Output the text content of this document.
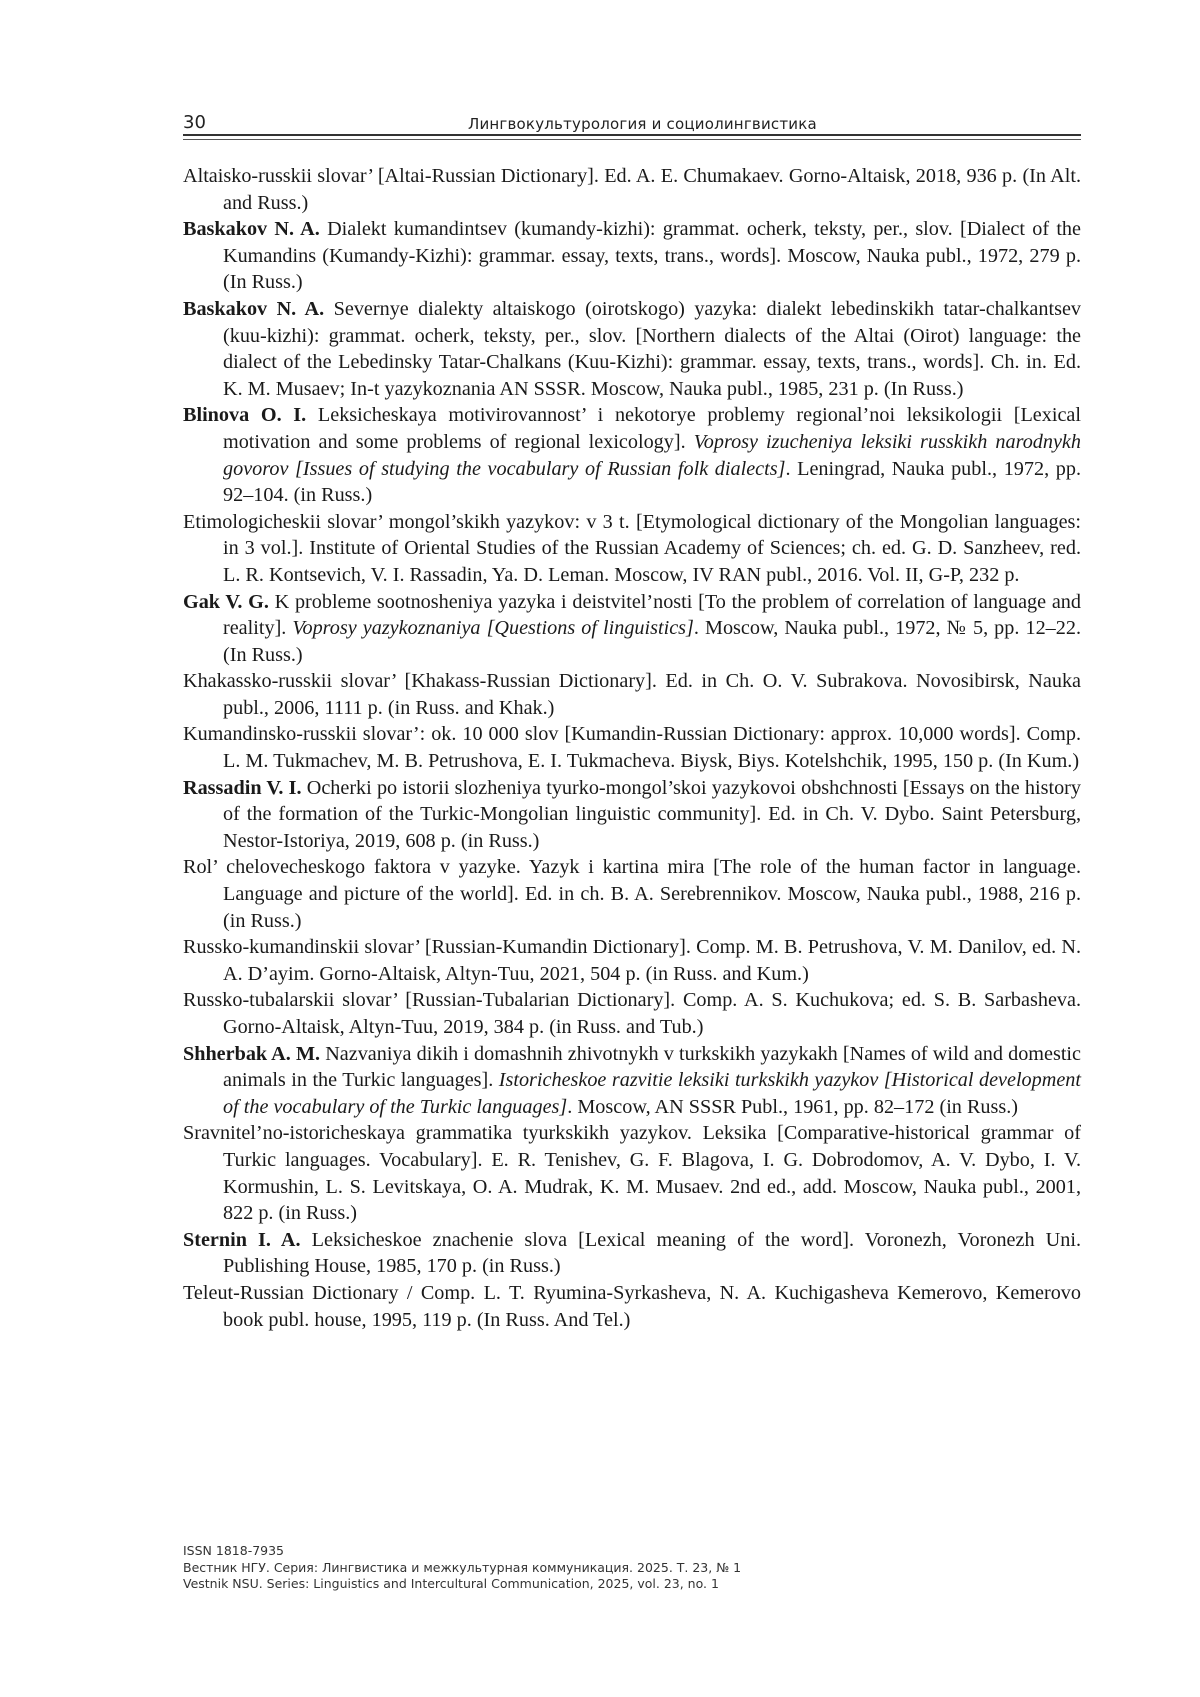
30	Лингвокультурология и социолингвистика

Altaisko-russkii slovar’ [Altai-Russian Dictionary]. Ed. A. E. Chumakaev. Gorno-Altaisk, 2018, 936 p. (In Alt. and Russ.)

Baskakov N. A. Dialekt kumandintsev (kumandy-kizhi): grammat. ocherk, teksty, per., slov. [Dialect of the Kumandins (Kumandy-Kizhi): grammar. essay, texts, trans., words]. Moscow, Nauka publ., 1972, 279 p. (In Russ.)

Baskakov N. A. Severnye dialekty altaiskogo (oirotskogo) yazyka: dialekt lebedinskikh tatar-chalkantsev (kuu-kizhi): grammat. ocherk, teksty, per., slov. [Northern dialects of the Altai (Oirot) language: the dialect of the Lebedinsky Tatar-Chalkans (Kuu-Kizhi): grammar. essay, texts, trans., words]. Ch. in. Ed. K. M. Musaev; In-t yazykoznania AN SSSR. Moscow, Nauka publ., 1985, 231 p. (In Russ.)

Blinova O. I. Leksicheskaya motivirovannost’ i nekotorye problemy regional’noi leksikologii [Lexical motivation and some problems of regional lexicology]. Voprosy izucheniya leksiki russkikh narodnykh govorov [Issues of studying the vocabulary of Russian folk dialects]. Leningrad, Nauka publ., 1972, pp. 92–104. (in Russ.)

Etimologicheskii slovar’ mongol’skikh yazykov: v 3 t. [Etymological dictionary of the Mongolian languages: in 3 vol.]. Institute of Oriental Studies of the Russian Academy of Sciences; ch. ed. G. D. Sanzheev, red. L. R. Kontsevich, V. I. Rassadin, Ya. D. Leman. Moscow, IV RAN publ., 2016. Vol. II, G-P, 232 p.

Gak V. G. K probleme sootnosheniya yazyka i deistvitel’nosti [To the problem of correlation of language and reality]. Voprosy yazykoznaniya [Questions of linguistics]. Moscow, Nauka publ., 1972, № 5, pp. 12–22. (In Russ.)

Khakassko-russkii slovar’ [Khakass-Russian Dictionary]. Ed. in Ch. O. V. Subrakova. Novosibirsk, Nauka publ., 2006, 1111 p. (in Russ. and Khak.)

Kumandinsko-russkii slovar’: ok. 10 000 slov [Kumandin-Russian Dictionary: approx. 10,000 words]. Comp. L. M. Tukmachev, M. B. Petrushova, E. I. Tukmacheva. Biysk, Biys. Kotelshchik, 1995, 150 p. (In Kum.)

Rassadin V. I. Ocherki po istorii slozheniya tyurko-mongol’skoi yazykovoi obshchnosti [Essays on the history of the formation of the Turkic-Mongolian linguistic community]. Ed. in Ch. V. Dybo. Saint Petersburg, Nestor-Istoriya, 2019, 608 p. (in Russ.)

Rol’ chelovecheskogo faktora v yazyke. Yazyk i kartina mira [The role of the human factor in language. Language and picture of the world]. Ed. in ch. B. A. Serebrennikov. Moscow, Nauka publ., 1988, 216 p. (in Russ.)

Russko-kumandinskii slovar’ [Russian-Kumandin Dictionary]. Comp. M. B. Petrushova, V. M. Danilov, ed. N. A. D’ayim. Gorno-Altaisk, Altyn-Tuu, 2021, 504 p. (in Russ. and Kum.)

Russko-tubalarskii slovar’ [Russian-Tubalarian Dictionary]. Comp. A. S. Kuchukova; ed. S. B. Sarbasheva. Gorno-Altaisk, Altyn-Tuu, 2019, 384 p. (in Russ. and Tub.)

Shherbak A. M. Nazvaniya dikih i domashnih zhivotnykh v turkskikh yazykakh [Names of wild and domestic animals in the Turkic languages]. Istoricheskoe razvitie leksiki turkskikh yazykov [Historical development of the vocabulary of the Turkic languages]. Moscow, AN SSSR Publ., 1961, pp. 82–172 (in Russ.)

Sravnitel’no-istoricheskaya grammatika tyurkskikh yazykov. Leksika [Comparative-historical grammar of Turkic languages. Vocabulary]. E. R. Tenishev, G. F. Blagova, I. G. Dobrodomov, A. V. Dybo, I. V. Kormushin, L. S. Levitskaya, O. A. Mudrak, K. M. Musaev. 2nd ed., add. Moscow, Nauka publ., 2001, 822 p. (in Russ.)

Sternin I. A. Leksicheskoe znachenie slova [Lexical meaning of the word]. Voronezh, Voronezh Uni. Publishing House, 1985, 170 p. (in Russ.)

Teleut-Russian Dictionary / Comp. L. T. Ryumina-Syrkasheva, N. A. Kuchigasheva Kemerovo, Kemerovo book publ. house, 1995, 119 p. (In Russ. And Tel.)

ISSN 1818-7935
Вестник НГУ. Серия: Лингвистика и межкультурная коммуникация. 2025. Т. 23, № 1
Vestnik NSU. Series: Linguistics and Intercultural Communication, 2025, vol. 23, no. 1
